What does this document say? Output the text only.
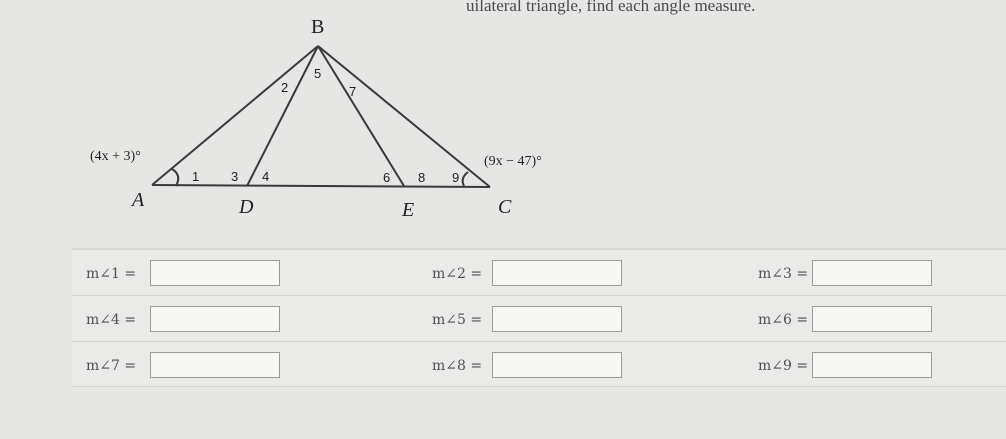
uilateral triangle, find each angle measure.
B
A	D	E	C
1
2
3 4
5
6
7
8 9
(4x + 3)°	(9x − 47)°
m∠1 =	m∠2 =	m∠3 =
m∠4 =	m∠5 =	m∠6 =
m∠7 =	m∠8 =	m∠9 =
